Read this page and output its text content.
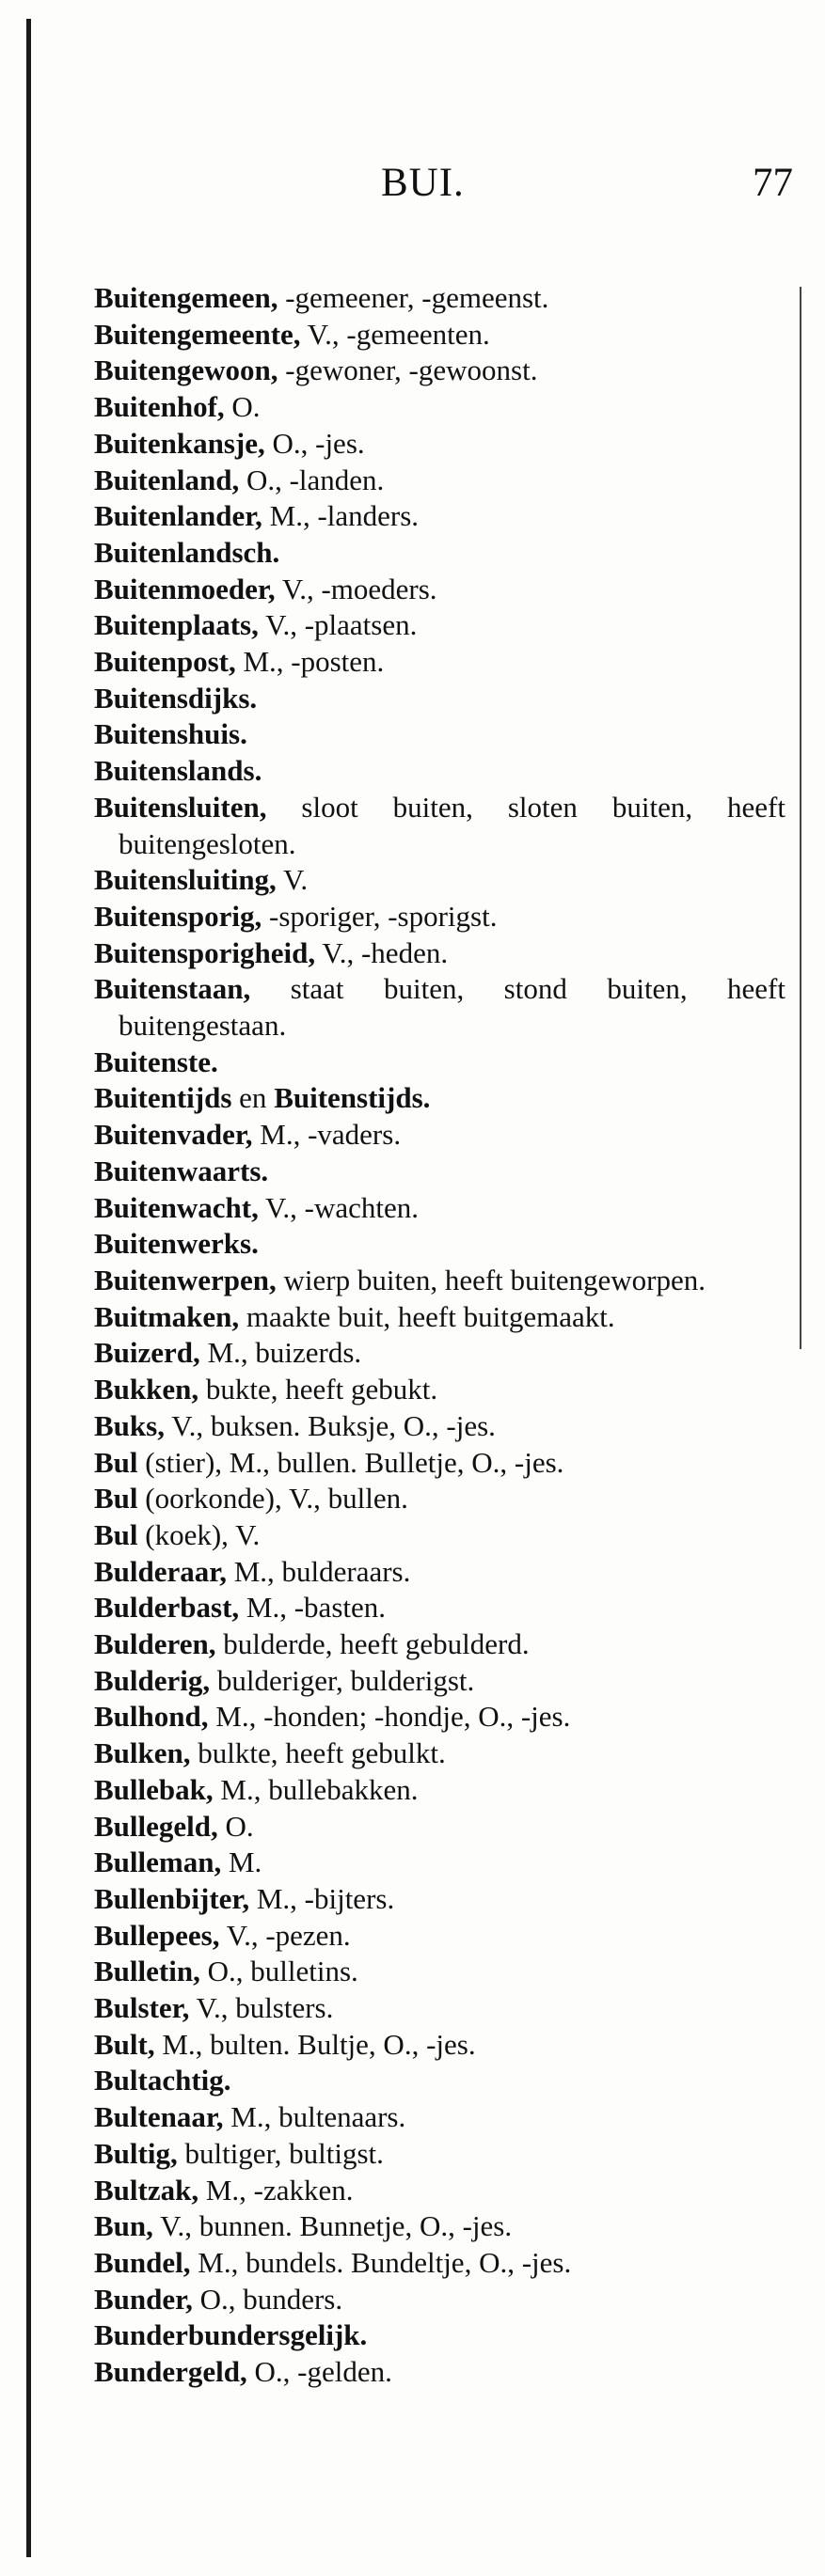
BUI.	77
Buitengemeen, -gemeener, -gemeenst.
Buitengemeente, V., -gemeenten.
Buitengewoon, -gewoner, -gewoonst.
Buitenhof, O.
Buitenkansje, O., -jes.
Buitenland, O., -landen.
Buitenlander, M., -landers.
Buitenlandsch.
Buitenmoeder, V., -moeders.
Buitenplaats, V., -plaatsen.
Buitenpost, M., -posten.
Buitensdijks.
Buitenshuis.
Buitenslands.
Buitensluiten, sloot buiten, sloten buiten, heeft buitengesloten.
Buitensluiting, V.
Buitensporig, -sporiger, -sporigst.
Buitensporigheid, V., -heden.
Buitenstaan, staat buiten, stond buiten, heeft buitengestaan.
Buitenste.
Buitentijds en Buitenstijds.
Buitenvader, M., -vaders.
Buitenwaarts.
Buitenwacht, V., -wachten.
Buitenwerks.
Buitenwerpen, wierp buiten, heeft buitengeworpen.
Buitmaken, maakte buit, heeft buitgemaakt.
Buizerd, M., buizerds.
Bukken, bukte, heeft gebukt.
Buks, V., buksen. Buksje, O., -jes.
Bul (stier), M., bullen. Bulletje, O., -jes.
Bul (oorkonde), V., bullen.
Bul (koek), V.
Bulderaar, M., bulderaars.
Bulderbast, M., -basten.
Bulderen, bulderde, heeft gebulderd.
Bulderig, bulderiger, bulderigst.
Bulhond, M., -honden; -hondje, O., -jes.
Bulken, bulkte, heeft gebulkt.
Bullebak, M., bullebakken.
Bullegeld, O.
Bulleman, M.
Bullenbijter, M., -bijters.
Bullepees, V., -pezen.
Bulletin, O., bulletins.
Bulster, V., bulsters.
Bult, M., bulten. Bultje, O., -jes.
Bultachtig.
Bultenaar, M., bultenaars.
Bultig, bultiger, bultigst.
Bultzak, M., -zakken.
Bun, V., bunnen. Bunnetje, O., -jes.
Bundel, M., bundels. Bundeltje, O., -jes.
Bunder, O., bunders.
Bunderbundersgelijk.
Bundergeld, O., -gelden.
